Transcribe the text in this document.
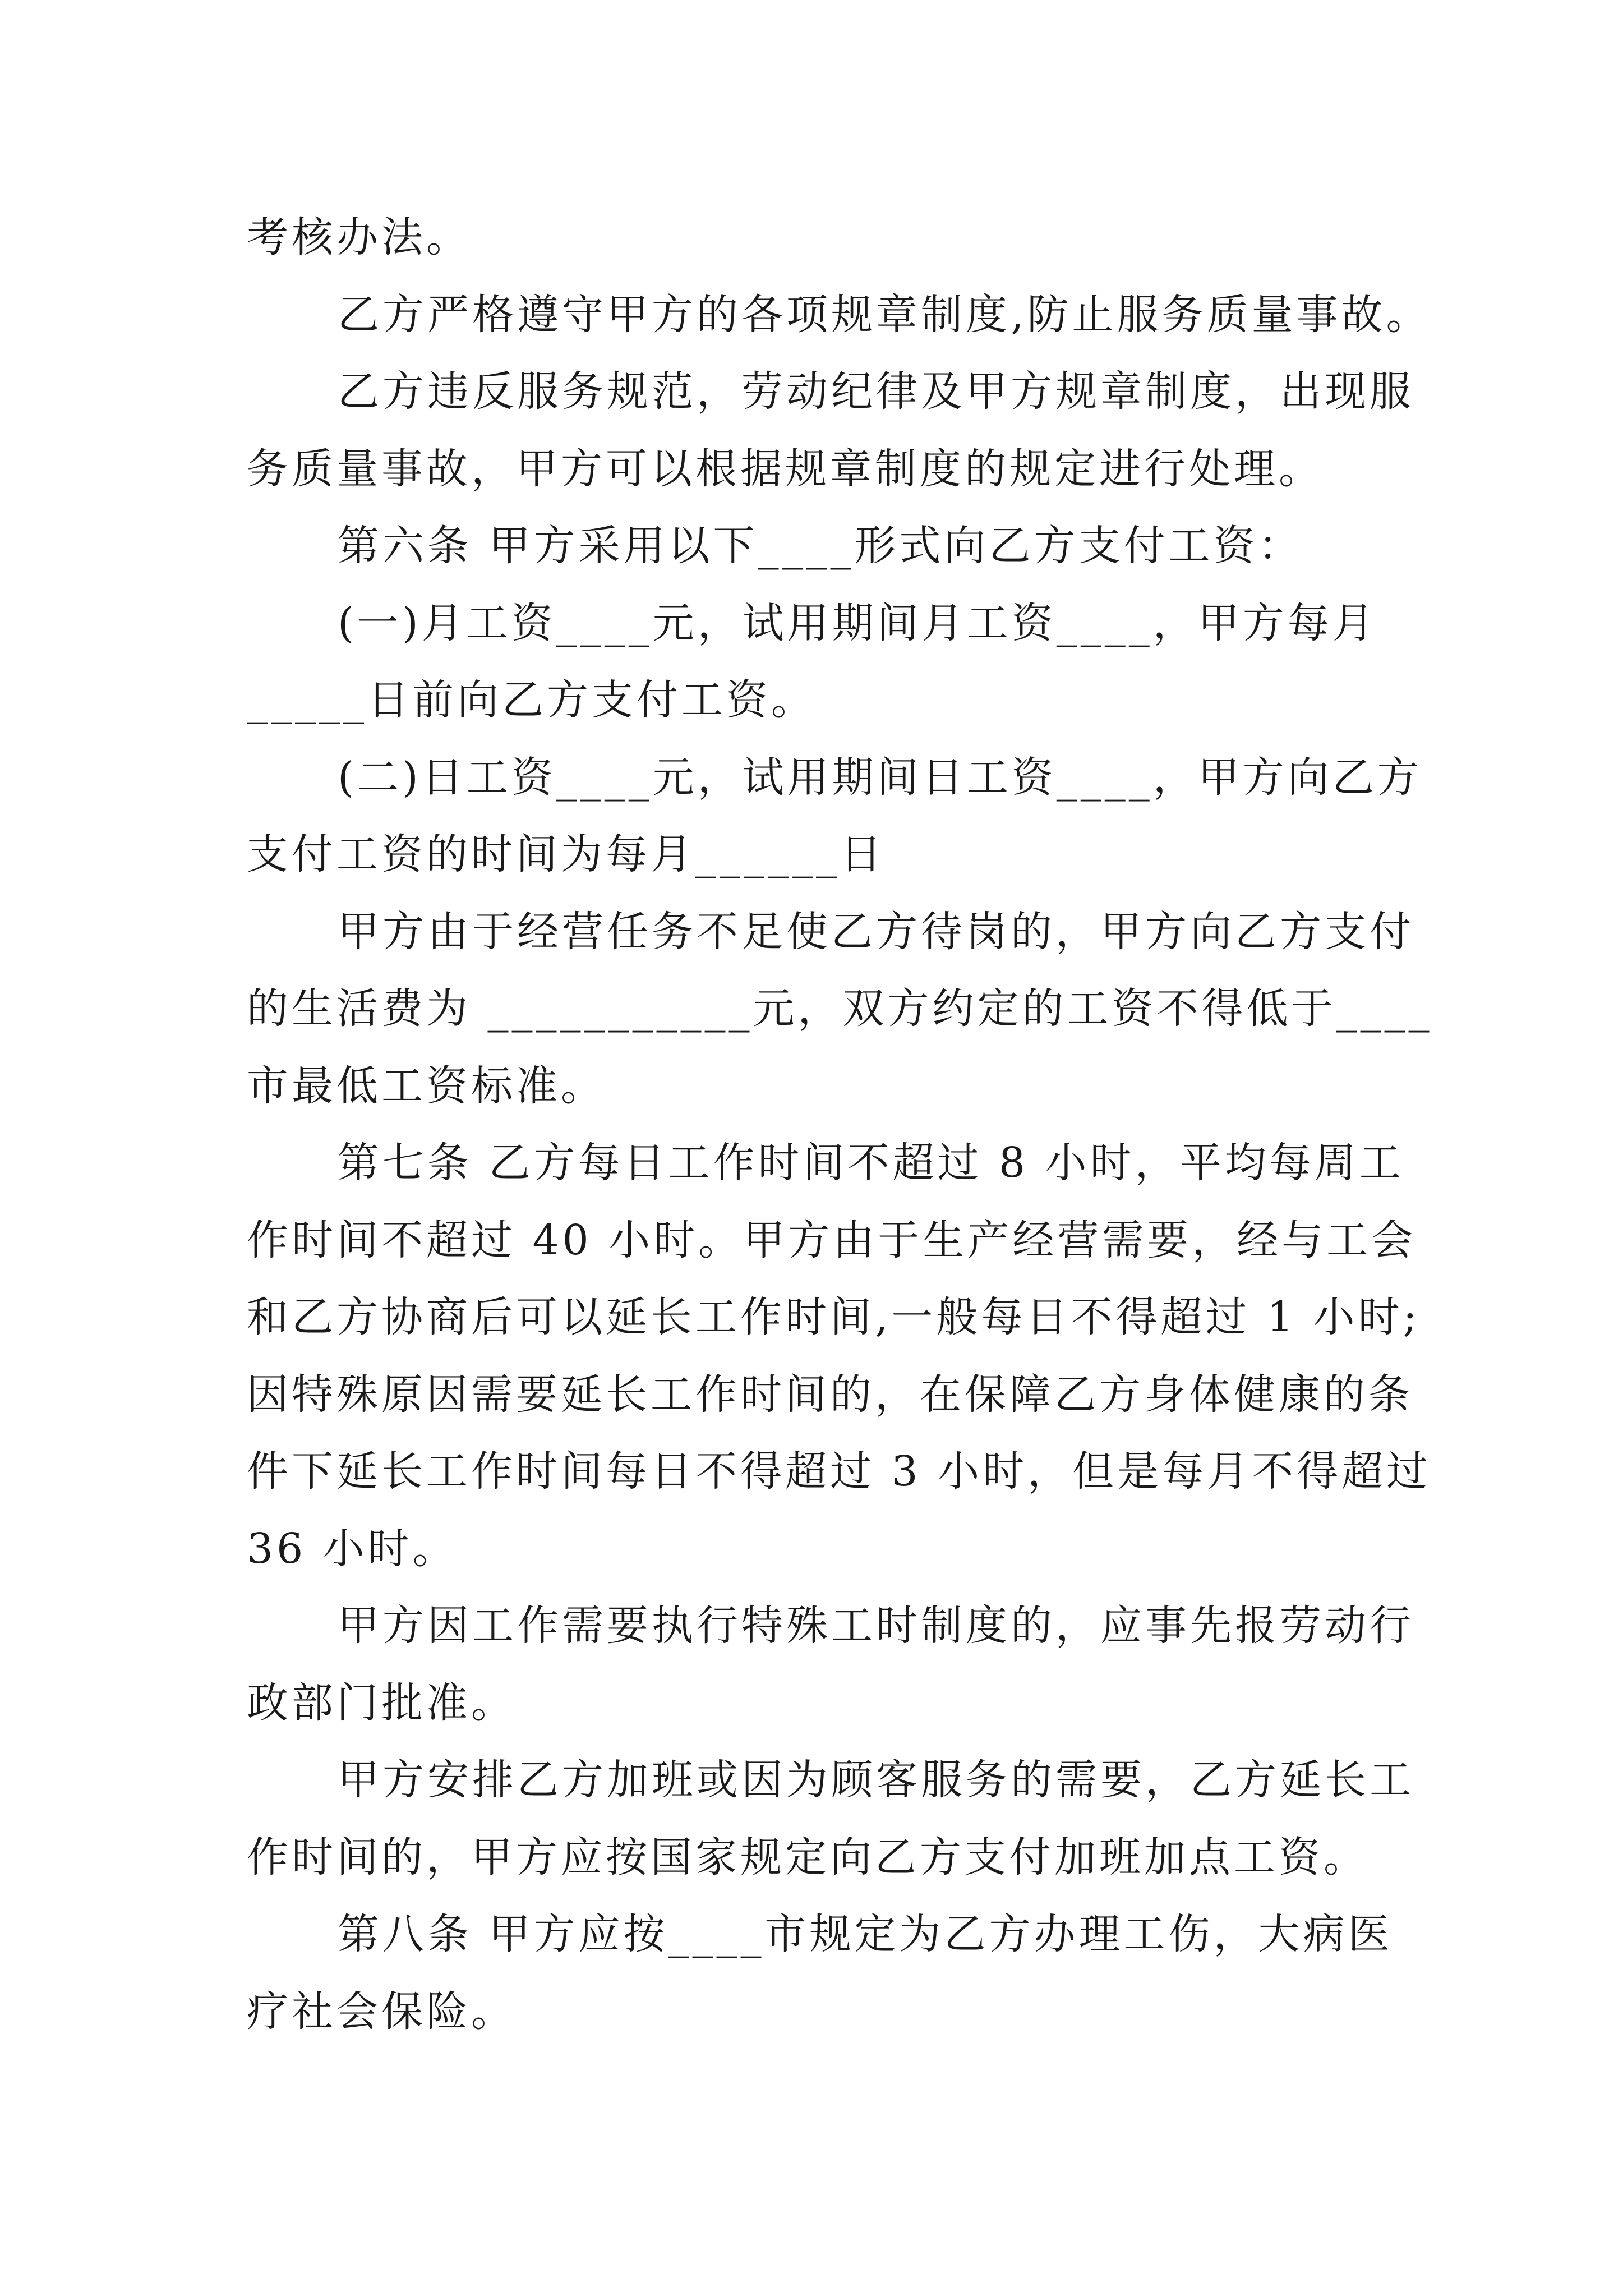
考核办法。
乙方严格遵守甲方的各项规章制度,防止服务质量事故。
乙方违反服务规范，劳动纪律及甲方规章制度，出现服
务质量事故，甲方可以根据规章制度的规定进行处理。
第六条 甲方采用以下____形式向乙方支付工资：
(一)月工资____元，试用期间月工资____，甲方每月
_____日前向乙方支付工资。
(二)日工资____元，试用期间日工资____，甲方向乙方
支付工资的时间为每月______日
甲方由于经营任务不足使乙方待岗的，甲方向乙方支付
的生活费为 ___________元，双方约定的工资不得低于____
市最低工资标准。
第七条 乙方每日工作时间不超过 8 小时，平均每周工
作时间不超过 40 小时。甲方由于生产经营需要，经与工会
和乙方协商后可以延长工作时间,一般每日不得超过 1 小时;
因特殊原因需要延长工作时间的，在保障乙方身体健康的条
件下延长工作时间每日不得超过 3 小时，但是每月不得超过
36 小时。
甲方因工作需要执行特殊工时制度的，应事先报劳动行
政部门批准。
甲方安排乙方加班或因为顾客服务的需要，乙方延长工
作时间的，甲方应按国家规定向乙方支付加班加点工资。
第八条 甲方应按____市规定为乙方办理工伤，大病医
疗社会保险。
